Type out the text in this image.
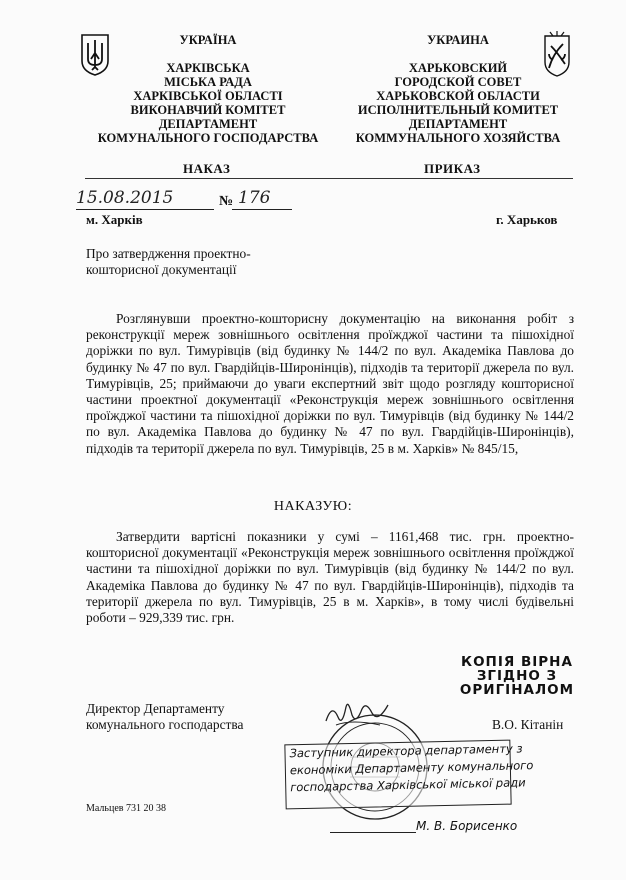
УКРАЇНА
ХАРКІВСЬКА
МІСЬКА РАДА
ХАРКІВСЬКОЇ ОБЛАСТІ
ВИКОНАВЧИЙ КОМІТЕТ
ДЕПАРТАМЕНТ
КОМУНАЛЬНОГО ГОСПОДАРСТВА
УКРАИНА
ХАРЬКОВСКИЙ
ГОРОДСКОЙ СОВЕТ
ХАРЬКОВСКОЙ ОБЛАСТИ
ИСПОЛНИТЕЛЬНЫЙ КОМИТЕТ
ДЕПАРТАМЕНТ
КОММУНАЛЬНОГО ХОЗЯЙСТВА
НАКАЗ	ПРИКАЗ
15.08.2015	№ 176
м. Харків	г. Харьков
Про затвердження проектно-
кошторисної документації
Розглянувши проектно-кошторисну документацію на виконання робіт з реконструкції мереж зовнішнього освітлення проїжджої частини та пішохідної доріжки по вул. Тимурівців (від будинку № 144/2 по вул. Академіка Павлова до будинку № 47 по вул. Гвардійців-Широнінців), підходів та території джерела по вул. Тимурівців, 25; приймаючи до уваги експертний звіт щодо розгляду кошторисної частини проектної документації «Реконструкція мереж зовнішнього освітлення проїжджої частини та пішохідної доріжки по вул. Тимурівців (від будинку № 144/2 по вул. Академіка Павлова до будинку № 47 по вул. Гвардійців-Широнінців), підходів та території джерела по вул. Тимурівців, 25 в м. Харків» № 845/15,
НАКАЗУЮ:
Затвердити вартісні показники у сумі – 1161,468 тис. грн. проектно-кошторисної документації «Реконструкція мереж зовнішнього освітлення проїжджої частини та пішохідної доріжки по вул. Тимурівців (від будинку № 144/2 по вул. Академіка Павлова до будинку № 47 по вул. Гвардійців-Широнінців), підходів та території джерела по вул. Тимурівців, 25 в м. Харків», в тому числі будівельні роботи – 929,339 тис. грн.
КОПІЯ ВІРНА
ЗГІДНО З
ОРИГІНАЛОМ
Директор Департаменту
комунального господарства	В.О. Кітанін
Заступник директора департаменту з
економіки Департаменту комунального
господарства Харківської міської ради
М. В. Борисенко
Мальцев 731 20 38
